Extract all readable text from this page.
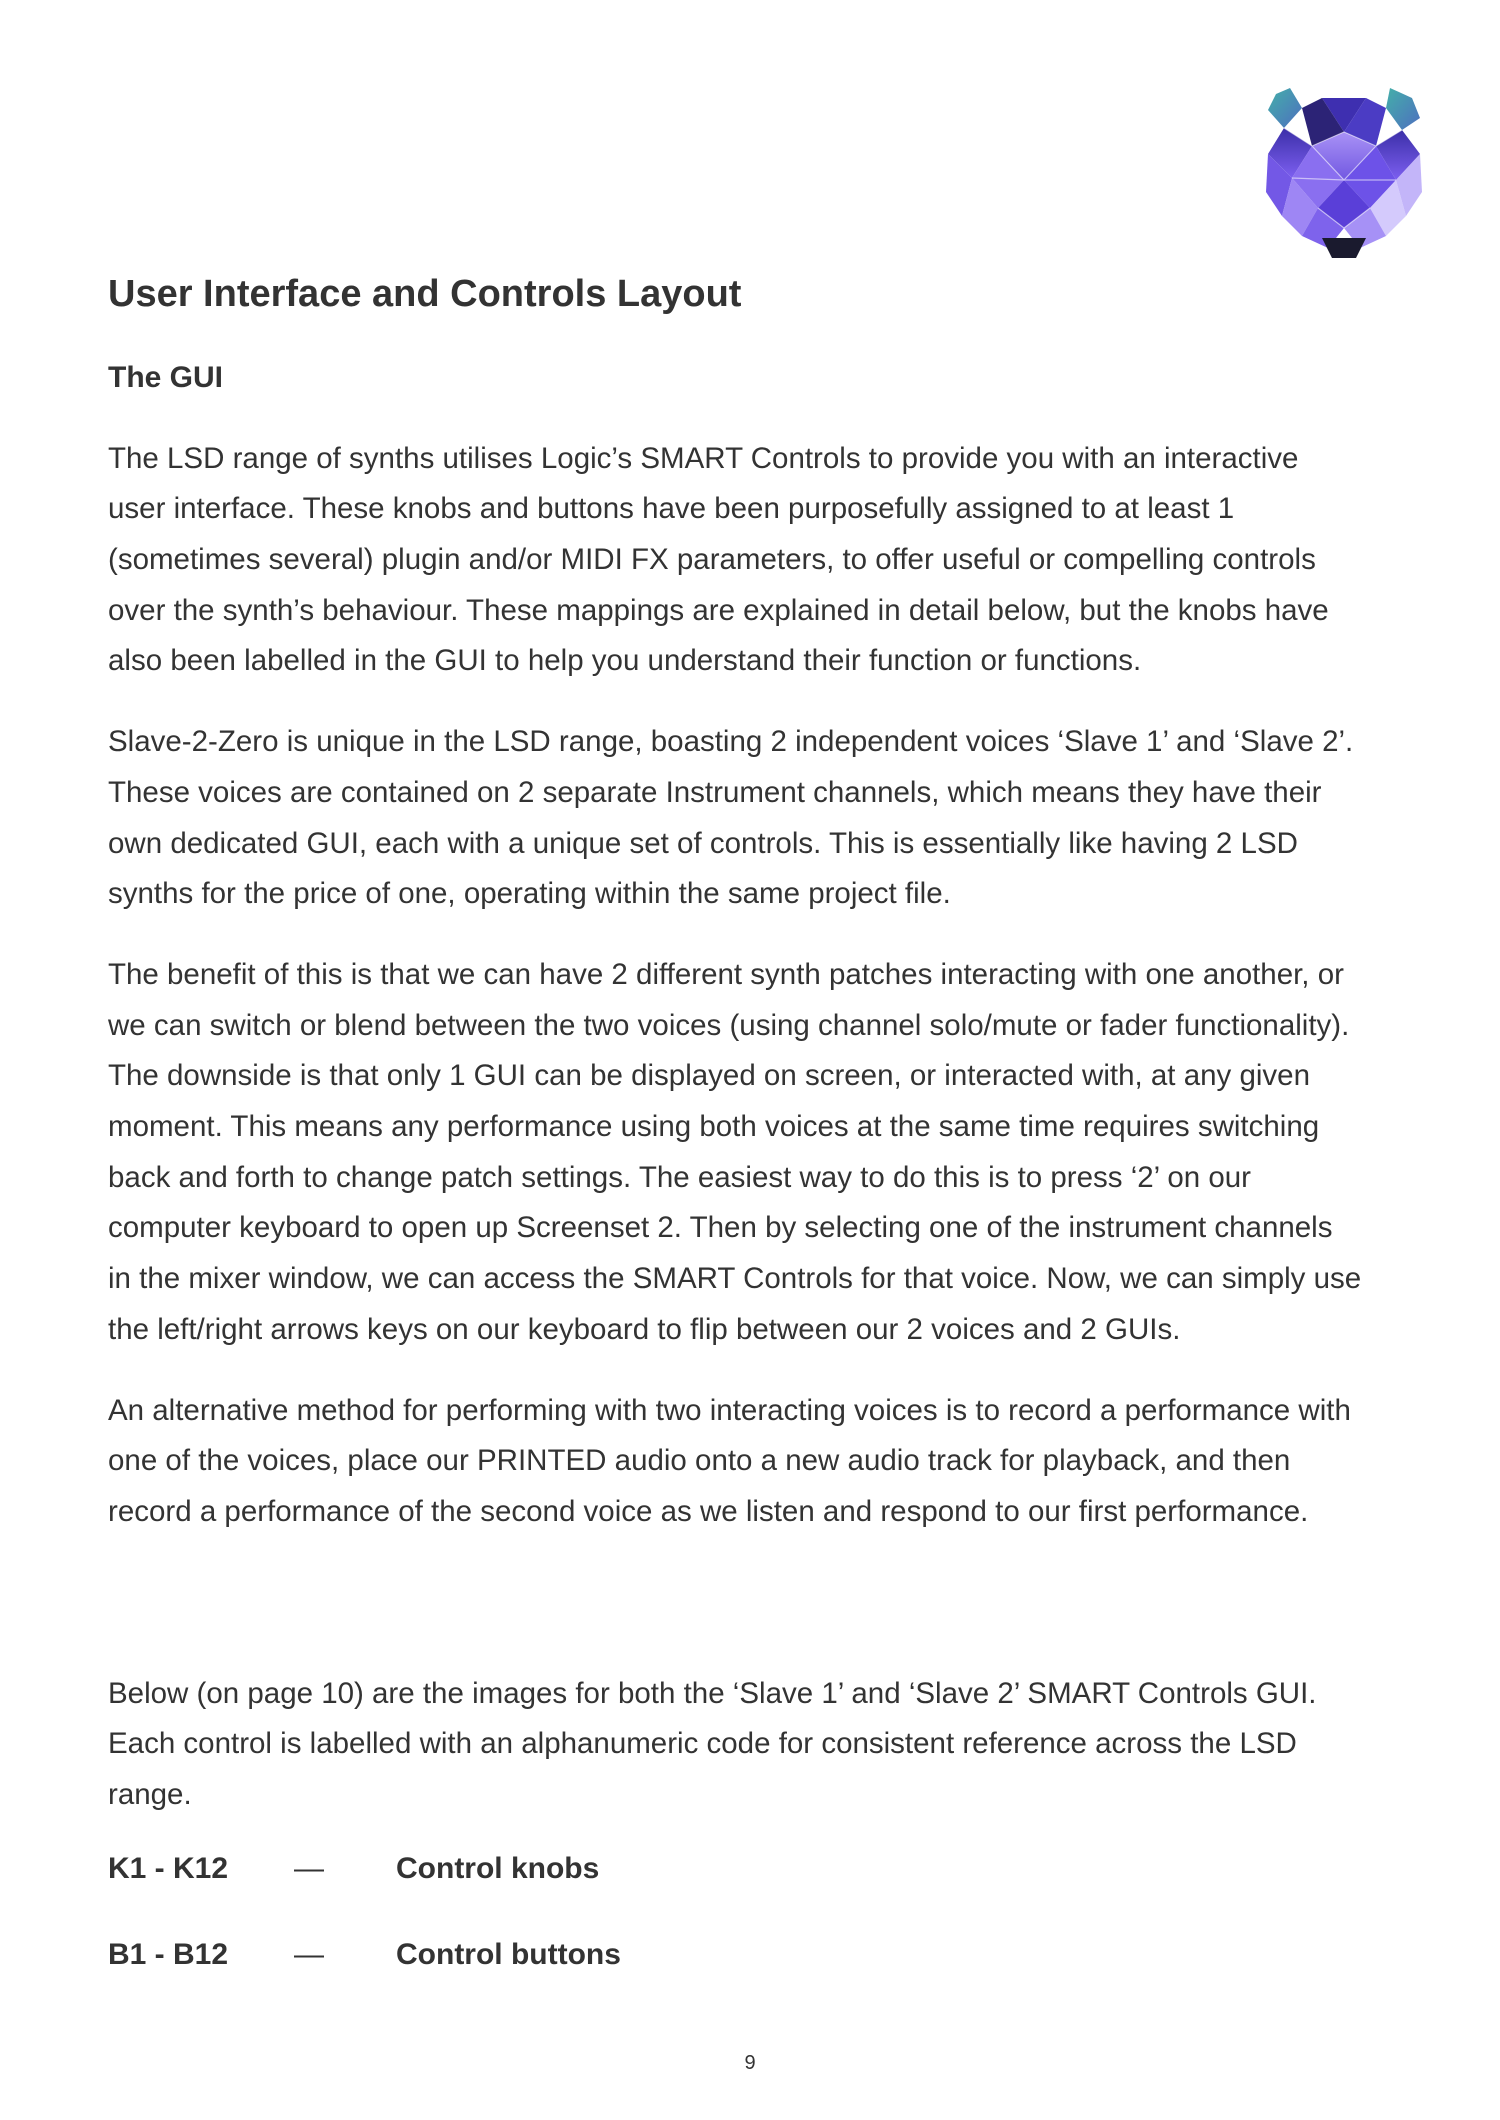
User Interface and Controls Layout
The GUI
The LSD range of synths utilises Logic’s SMART Controls to provide you with an interactive
user interface. These knobs and buttons have been purposefully assigned to at least 1
(sometimes several) plugin and/or MIDI FX parameters, to offer useful or compelling controls
over the synth’s behaviour. These mappings are explained in detail below, but the knobs have
also been labelled in the GUI to help you understand their function or functions.
Slave-2-Zero is unique in the LSD range, boasting 2 independent voices ‘Slave 1’ and ‘Slave 2’.
These voices are contained on 2 separate Instrument channels, which means they have their
own dedicated GUI, each with a unique set of controls. This is essentially like having 2 LSD
synths for the price of one, operating within the same project file.
The benefit of this is that we can have 2 different synth patches interacting with one another, or
we can switch or blend between the two voices (using channel solo/mute or fader functionality).
The downside is that only 1 GUI can be displayed on screen, or interacted with, at any given
moment. This means any performance using both voices at the same time requires switching
back and forth to change patch settings. The easiest way to do this is to press ‘2’ on our
computer keyboard to open up Screenset 2. Then by selecting one of the instrument channels
in the mixer window, we can access the SMART Controls for that voice. Now, we can simply use
the left/right arrows keys on our keyboard to flip between our 2 voices and 2 GUIs.
An alternative method for performing with two interacting voices is to record a performance with
one of the voices, place our PRINTED audio onto a new audio track for playback, and then
record a performance of the second voice as we listen and respond to our first performance.
Below (on page 10) are the images for both the ‘Slave 1’ and ‘Slave 2’ SMART Controls GUI.
Each control is labelled with an alphanumeric code for consistent reference across the LSD
range.
K1 - K12	—	Control knobs
B1 - B12	—	Control buttons
9
